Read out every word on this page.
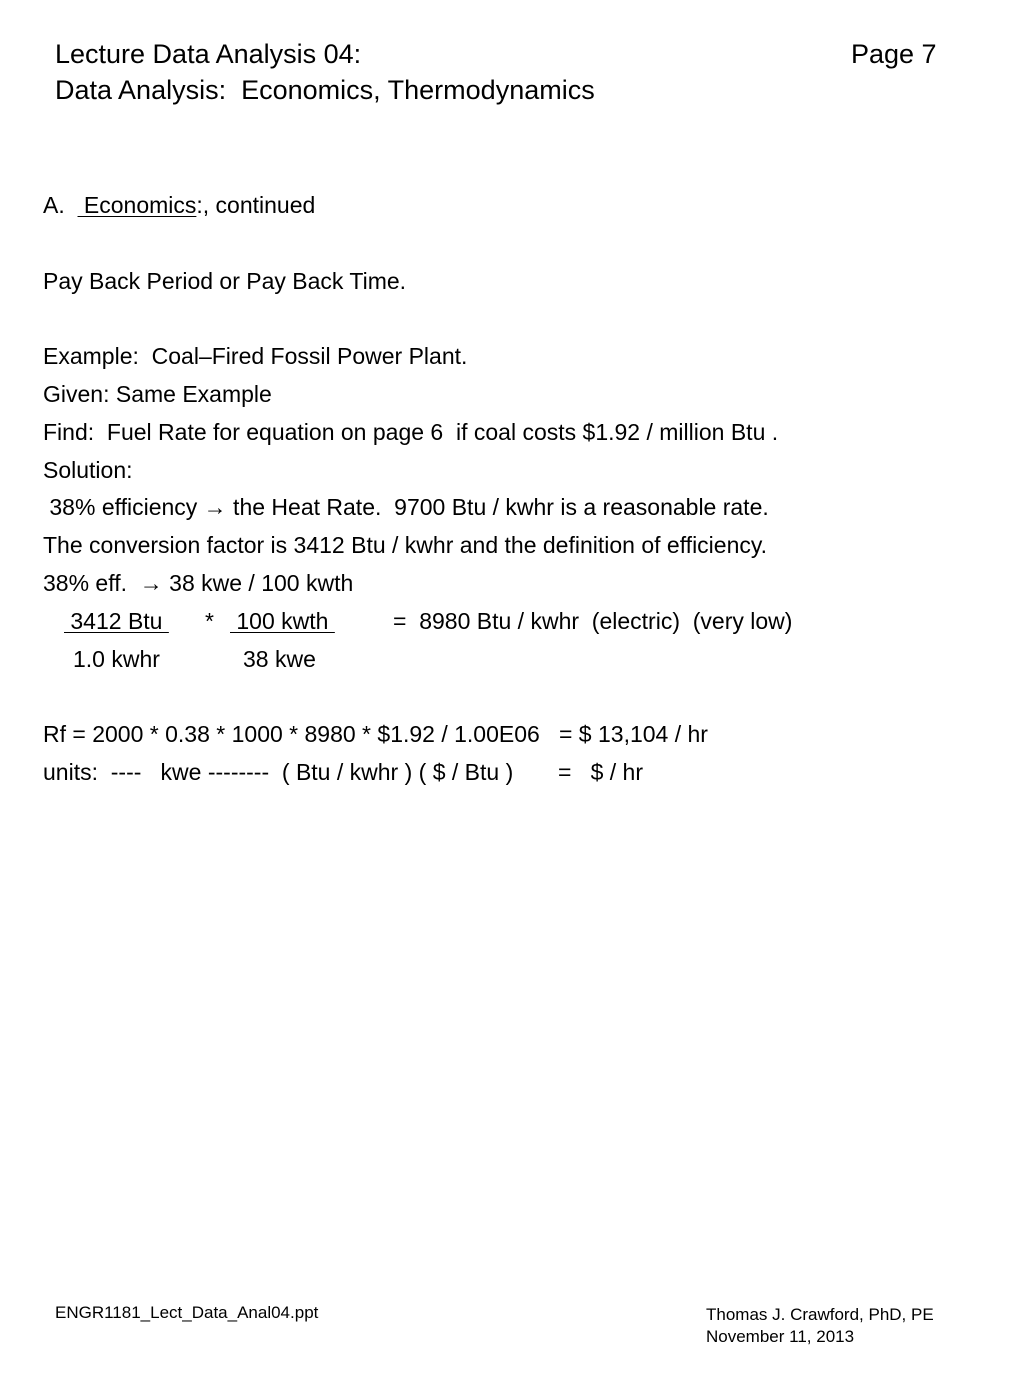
Lecture Data Analysis 04:	Page 7
Data Analysis:  Economics, Thermodynamics
A.   Economics:, continued
Pay Back Period or Pay Back Time.
Example:  Coal–Fired Fossil Power Plant.
Given: Same Example
Find:  Fuel Rate for equation on page 6  if coal costs $1.92 / million Btu .
Solution:
38% efficiency → the Heat Rate.  9700 Btu / kwhr is a reasonable rate.
The conversion factor is 3412 Btu / kwhr and the definition of efficiency.
38% eff.  → 38 kwe / 100 kwth
3412 Btu * 100 kwth	=  8980 Btu / kwhr  (electric)  (very low)
1.0 kwhr	38 kwe
Rf = 2000 * 0.38 * 1000 * 8980 * $1.92 / 1.00E06   = $ 13,104 / hr
units:  ----   kwe --------  ( Btu / kwhr ) ( $ / Btu )       =   $ / hr
ENGR1181_Lect_Data_Anal04.ppt	Thomas J. Crawford, PhD, PE
November 11, 2013
